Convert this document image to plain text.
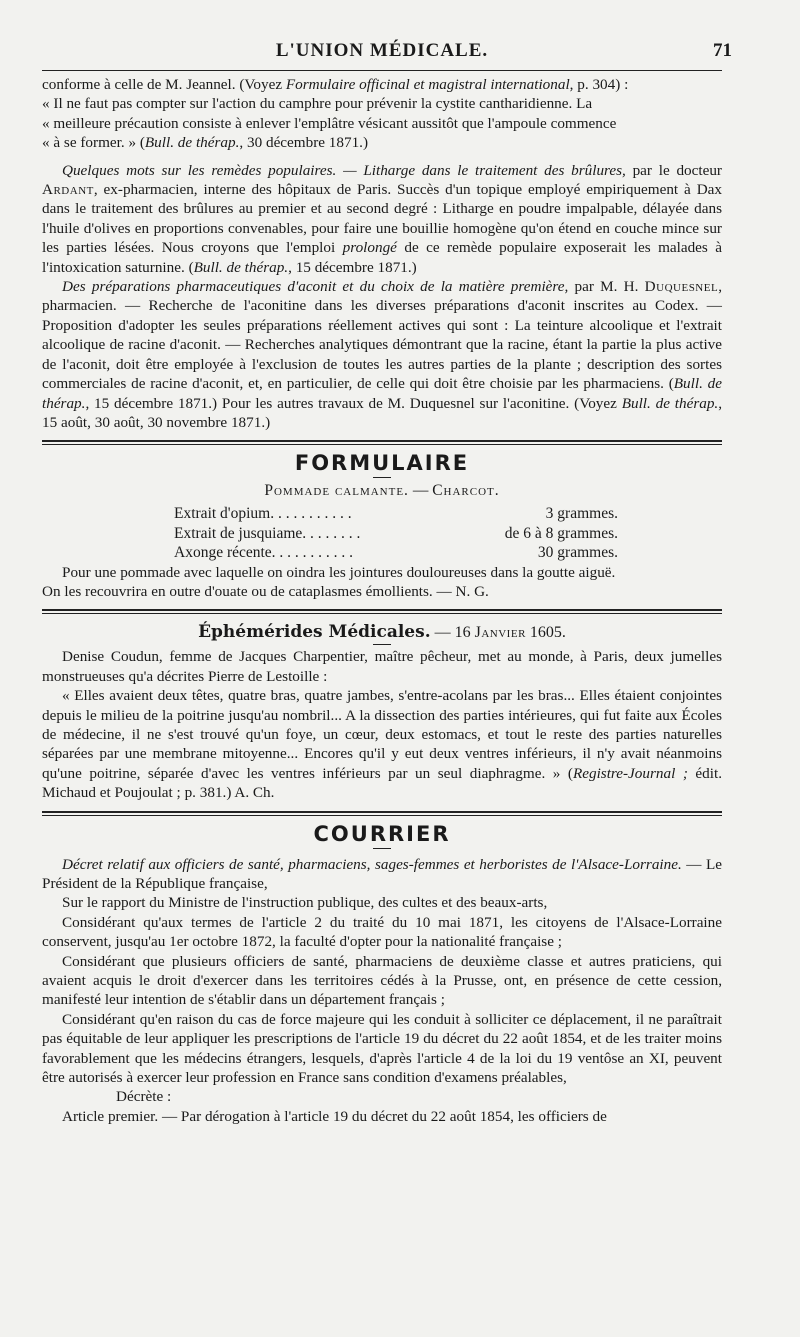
L'UNION MÉDICALE.	71

conforme à celle de M. Jeannel. (Voyez Formulaire officinal et magistral international, p. 304) :

« Il ne faut pas compter sur l'action du camphre pour prévenir la cystite cantharidienne. La

« meilleure précaution consiste à enlever l'emplâtre vésicant aussitôt que l'ampoule commence

« à se former. » (Bull. de thérap., 30 décembre 1871.)

Quelques mots sur les remèdes populaires. — Litharge dans le traitement des brûlures, par le docteur Ardant, ex-pharmacien, interne des hôpitaux de Paris. Succès d'un topique employé empiriquement à Dax dans le traitement des brûlures au premier et au second degré : Litharge en poudre impalpable, délayée dans l'huile d'olives en proportions convenables, pour faire une bouillie homogène qu'on étend en couche mince sur les parties lésées. Nous croyons que l'emploi prolongé de ce remède populaire exposerait les malades à l'intoxication saturnine. (Bull. de thérap., 15 décembre 1871.)

Des préparations pharmaceutiques d'aconit et du choix de la matière première, par M. H. Duquesnel, pharmacien. — Recherche de l'aconitine dans les diverses préparations d'aconit inscrites au Codex. — Proposition d'adopter les seules préparations réellement actives qui sont : La teinture alcoolique et l'extrait alcoolique de racine d'aconit. — Recherches analytiques démontrant que la racine, étant la partie la plus active de l'aconit, doit être employée à l'exclusion de toutes les autres parties de la plante ; description des sortes commerciales de racine d'aconit, et, en particulier, de celle qui doit être choisie par les pharmaciens. (Bull. de thérap., 15 décembre 1871.) Pour les autres travaux de M. Duquesnel sur l'aconitine. (Voyez Bull. de thérap., 15 août, 30 août, 30 novembre 1871.)

FORMULAIRE
Pommade calmante. — Charcot.
Extrait d'opium. . . . . . . . . . .	3 grammes.
Extrait de jusquiame. . . . . . . .	de 6 à 8 grammes.
Axonge récente. . . . . . . . . . .	30 grammes.

Pour une pommade avec laquelle on oindra les jointures douloureuses dans la goutte aiguë.

On les recouvrira en outre d'ouate ou de cataplasmes émollients. — N. G.

Éphémérides Médicales. — 16 Janvier 1605.

Denise Coudun, femme de Jacques Charpentier, maître pêcheur, met au monde, à Paris, deux jumelles monstrueuses qu'a décrites Pierre de Lestoille :

« Elles avaient deux têtes, quatre bras, quatre jambes, s'entre-acolans par les bras... Elles étaient conjointes depuis le milieu de la poitrine jusqu'au nombril... A la dissection des parties intérieures, qui fut faite aux Écoles de médecine, il ne s'est trouvé qu'un foye, un cœur, deux estomacs, et tout le reste des parties naturelles séparées par une membrane mitoyenne... Encores qu'il y eut deux ventres inférieurs, il n'y avait néanmoins qu'une poitrine, séparée d'avec les ventres inférieurs par un seul diaphragme. » (Registre-Journal ; édit. Michaud et Poujoulat ; p. 381.) A. Ch.

COURRIER

Décret relatif aux officiers de santé, pharmaciens, sages-femmes et herboristes de l'Alsace-Lorraine. — Le Président de la République française,

Sur le rapport du Ministre de l'instruction publique, des cultes et des beaux-arts,

Considérant qu'aux termes de l'article 2 du traité du 10 mai 1871, les citoyens de l'Alsace-Lorraine conservent, jusqu'au 1er octobre 1872, la faculté d'opter pour la nationalité française ;

Considérant que plusieurs officiers de santé, pharmaciens de deuxième classe et autres praticiens, qui avaient acquis le droit d'exercer dans les territoires cédés à la Prusse, ont, en présence de cette cession, manifesté leur intention de s'établir dans un département français ;

Considérant qu'en raison du cas de force majeure qui les conduit à solliciter ce déplacement, il ne paraîtrait pas équitable de leur appliquer les prescriptions de l'article 19 du décret du 22 août 1854, et de les traiter moins favorablement que les médecins étrangers, lesquels, d'après l'article 4 de la loi du 19 ventôse an XI, peuvent être autorisés à exercer leur profession en France sans condition d'examens préalables,

Décrète :

Article premier. — Par dérogation à l'article 19 du décret du 22 août 1854, les officiers de
